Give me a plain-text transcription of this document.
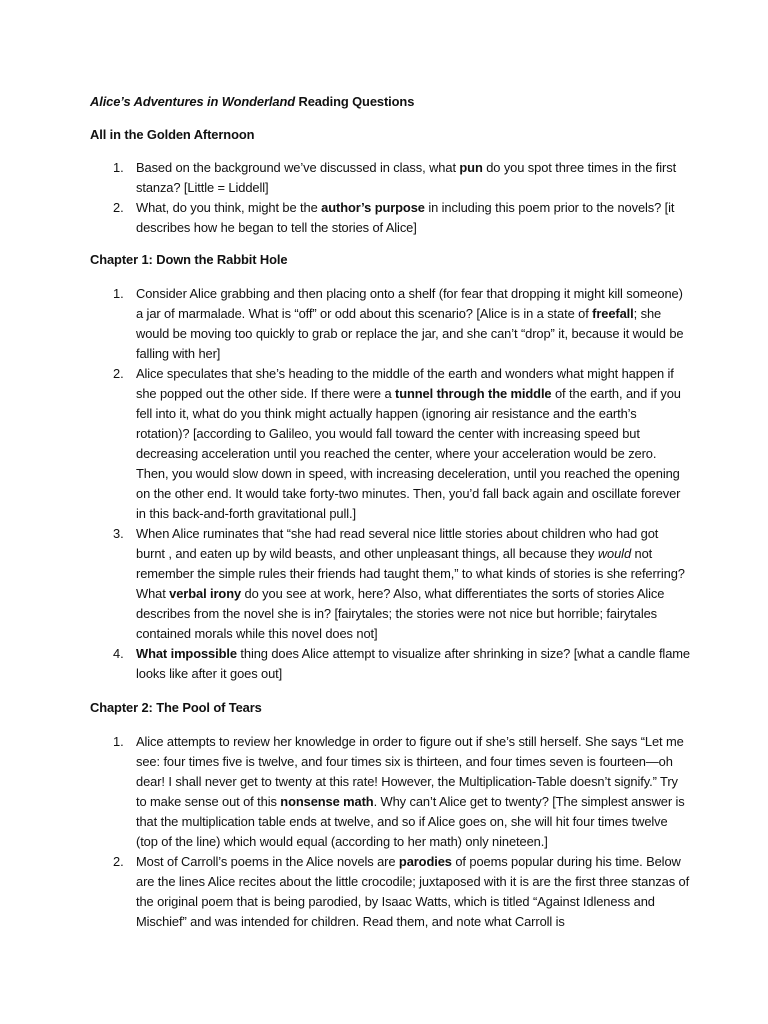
Alice’s Adventures in Wonderland Reading Questions

All in the Golden Afternoon

1. Based on the background we’ve discussed in class, what pun do you spot three times in the first stanza? [Little = Liddell]
2. What, do you think, might be the author’s purpose in including this poem prior to the novels? [it describes how he began to tell the stories of Alice]

Chapter 1: Down the Rabbit Hole

1. Consider Alice grabbing and then placing onto a shelf (for fear that dropping it might kill someone) a jar of marmalade. What is “off” or odd about this scenario? [Alice is in a state of freefall; she would be moving too quickly to grab or replace the jar, and she can’t “drop” it, because it would be falling with her]
2. Alice speculates that she’s heading to the middle of the earth and wonders what might happen if she popped out the other side. If there were a tunnel through the middle of the earth, and if you fell into it, what do you think might actually happen (ignoring air resistance and the earth’s rotation)? [according to Galileo, you would fall toward the center with increasing speed but decreasing acceleration until you reached the center, where your acceleration would be zero. Then, you would slow down in speed, with increasing deceleration, until you reached the opening on the other end. It would take forty-two minutes. Then, you’d fall back again and oscillate forever in this back-and-forth gravitational pull.]
3. When Alice ruminates that “she had read several nice little stories about children who had got burnt , and eaten up by wild beasts, and other unpleasant things, all because they would not remember the simple rules their friends had taught them,” to what kinds of stories is she referring? What verbal irony do you see at work, here? Also, what differentiates the sorts of stories Alice describes from the novel she is in? [fairytales; the stories were not nice but horrible; fairytales contained morals while this novel does not]
4. What impossible thing does Alice attempt to visualize after shrinking in size? [what a candle flame looks like after it goes out]

Chapter 2: The Pool of Tears

1. Alice attempts to review her knowledge in order to figure out if she’s still herself. She says “Let me see: four times five is twelve, and four times six is thirteen, and four times seven is fourteen—oh dear! I shall never get to twenty at this rate! However, the Multiplication-Table doesn’t signify.” Try to make sense out of this nonsense math. Why can’t Alice get to twenty? [The simplest answer is that the multiplication table ends at twelve, and so if Alice goes on, she will hit four times twelve (top of the line) which would equal (according to her math) only nineteen.]
2. Most of Carroll’s poems in the Alice novels are parodies of poems popular during his time. Below are the lines Alice recites about the little crocodile; juxtaposed with it is are the first three stanzas of the original poem that is being parodied, by Isaac Watts, which is titled “Against Idleness and Mischief” and was intended for children. Read them, and note what Carroll is
